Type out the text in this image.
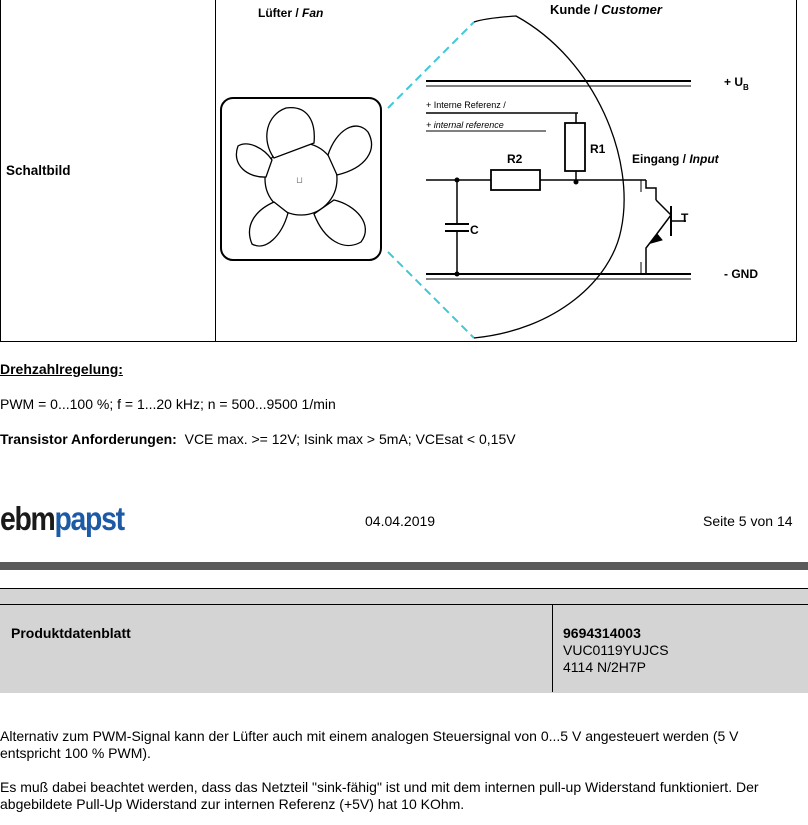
Schaltbild
⊔
Lüfter / Fan	Kunde / Customer
+ $U_B$
+ Interne Referenz /
+ internal reference
R1
R2
C
- GND
T
Eingang / Input
Drehzahlregelung:
PWM = 0...100 %; f = 1...20 kHz; n = 500...9500 1/min
Transistor Anforderungen:  VCE max. >= 12V; Isink max > 5mA; VCEsat < 0,15V
ebmpapst	04.04.2019	Seite 5 von 14
Produktdatenblatt	9694314003
VUC0119YUJCS
4114 N/2H7P
Alternativ zum PWM-Signal kann der Lüfter auch mit einem analogen Steuersignal von 0...5 V angesteuert werden (5 V entspricht 100 % PWM).
Es muß dabei beachtet werden, dass das Netzteil "sink-fähig" ist und mit dem internen pull-up Widerstand funktioniert. Der abgebildete Pull-Up Widerstand zur internen Referenz (+5V) hat 10 KOhm.
